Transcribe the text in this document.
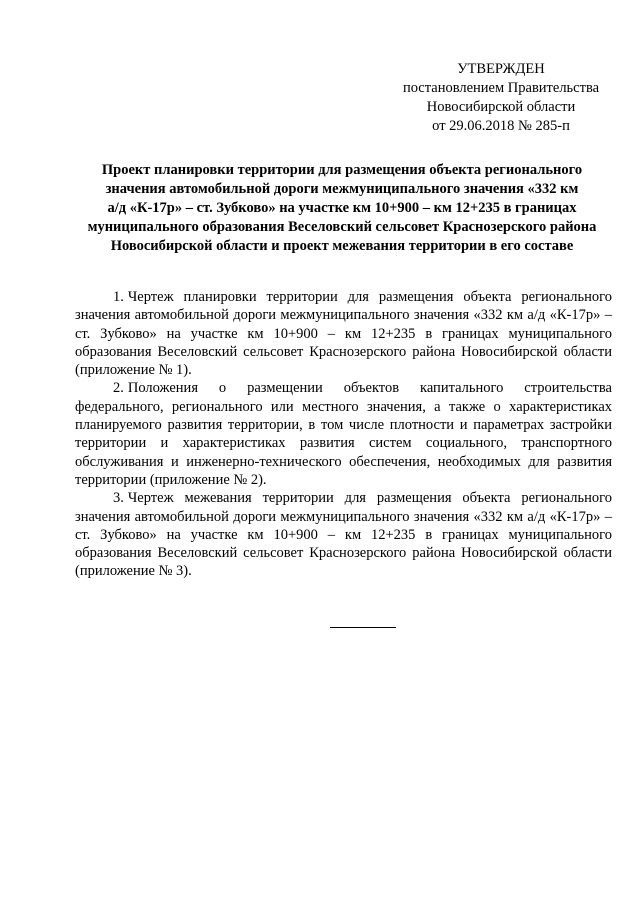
УТВЕРЖДЕН
постановлением Правительства
Новосибирской области
от 29.06.2018 № 285-п
Проект планировки территории для размещения объекта регионального
значения автомобильной дороги межмуниципального значения «332 км
а/д «К-17р» – ст. Зубково» на участке км 10+900 – км 12+235 в границах
муниципального образования Веселовский сельсовет Краснозерского района
Новосибирской области и проект межевания территории в его составе

1. Чертеж планировки территории для размещения объекта регионального значения автомобильной дороги межмуниципального значения «332 км а/д «К-17р» – ст. Зубково» на участке км 10+900 – км 12+235 в границах муниципального образования Веселовский сельсовет Краснозерского района Новосибирской области (приложение № 1).

2. Положения о размещении объектов капитального строительства федерального, регионального или местного значения, а также о характеристиках планируемого развития территории, в том числе плотности и параметрах застройки территории и характеристиках развития систем социального, транспортного обслуживания и инженерно-технического обеспечения, необходимых для развития территории (приложение № 2).

3. Чертеж межевания территории для размещения объекта регионального значения автомобильной дороги межмуниципального значения «332 км а/д «К-17р» – ст. Зубково» на участке км 10+900 – км 12+235 в границах муниципального образования Веселовский сельсовет Краснозерского района Новосибирской области (приложение № 3).
